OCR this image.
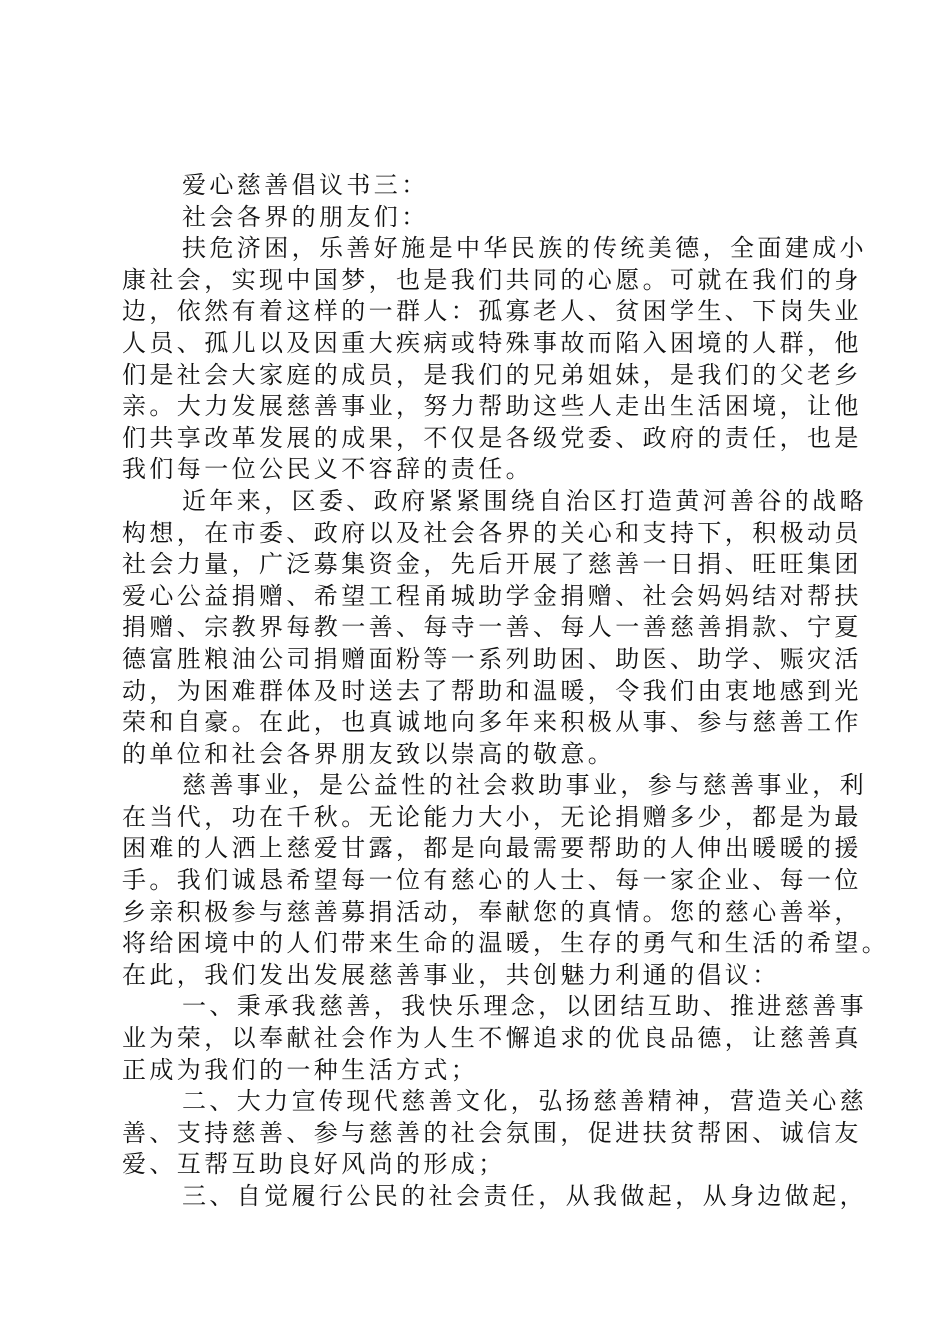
爱心慈善倡议书三：
社会各界的朋友们：
扶危济困，乐善好施是中华民族的传统美德，全面建成小
康社会，实现中国梦，也是我们共同的心愿。可就在我们的身
边，依然有着这样的一群人：孤寡老人、贫困学生、下岗失业
人员、孤儿以及因重大疾病或特殊事故而陷入困境的人群，他
们是社会大家庭的成员，是我们的兄弟姐妹，是我们的父老乡
亲。大力发展慈善事业，努力帮助这些人走出生活困境，让他
们共享改革发展的成果，不仅是各级党委、政府的责任，也是
我们每一位公民义不容辞的责任。
近年来，区委、政府紧紧围绕自治区打造黄河善谷的战略
构想，在市委、政府以及社会各界的关心和支持下，积极动员
社会力量，广泛募集资金，先后开展了慈善一日捐、旺旺集团
爱心公益捐赠、希望工程甬城助学金捐赠、社会妈妈结对帮扶
捐赠、宗教界每教一善、每寺一善、每人一善慈善捐款、宁夏
德富胜粮油公司捐赠面粉等一系列助困、助医、助学、赈灾活
动，为困难群体及时送去了帮助和温暖，令我们由衷地感到光
荣和自豪。在此，也真诚地向多年来积极从事、参与慈善工作
的单位和社会各界朋友致以崇高的敬意。
慈善事业，是公益性的社会救助事业，参与慈善事业，利
在当代，功在千秋。无论能力大小，无论捐赠多少，都是为最
困难的人洒上慈爱甘露，都是向最需要帮助的人伸出暖暖的援
手。我们诚恳希望每一位有慈心的人士、每一家企业、每一位
乡亲积极参与慈善募捐活动，奉献您的真情。您的慈心善举，
将给困境中的人们带来生命的温暖，生存的勇气和生活的希望。
在此，我们发出发展慈善事业，共创魅力利通的倡议：
一、秉承我慈善，我快乐理念，以团结互助、推进慈善事
业为荣，以奉献社会作为人生不懈追求的优良品德，让慈善真
正成为我们的一种生活方式；
二、大力宣传现代慈善文化，弘扬慈善精神，营造关心慈
善、支持慈善、参与慈善的社会氛围，促进扶贫帮困、诚信友
爱、互帮互助良好风尚的形成；
三、自觉履行公民的社会责任，从我做起，从身边做起，
